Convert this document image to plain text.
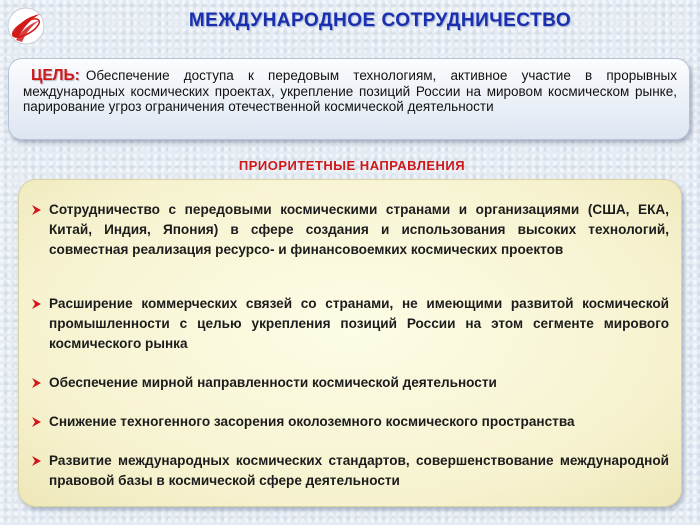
МЕЖДУНАРОДНОЕ СОТРУДНИЧЕСТВО

ЦЕЛЬ: Обеспечение доступа к передовым технологиям, активное участие в прорывных международных космических проектах, укрепление позиций России на мировом космическом рынке, парирование угроз ограничения отечественной космической деятельности

ПРИОРИТЕТНЫЕ НАПРАВЛЕНИЯ
Сотрудничество с передовыми космическими странами и организациями (США, ЕКА, Китай, Индия, Япония) в сфере создания и использования высоких технологий, совместная реализация ресурсо- и финансовоемких космических проектов
Расширение коммерческих связей со странами, не имеющими развитой космической промышленности с целью укрепления позиций России на этом сегменте мирового космического рынка
Обеспечение мирной направленности космической деятельности
Снижение техногенного засорения околоземного космического пространства
Развитие международных космических стандартов, совершенствование международной правовой базы в космической сфере деятельности
